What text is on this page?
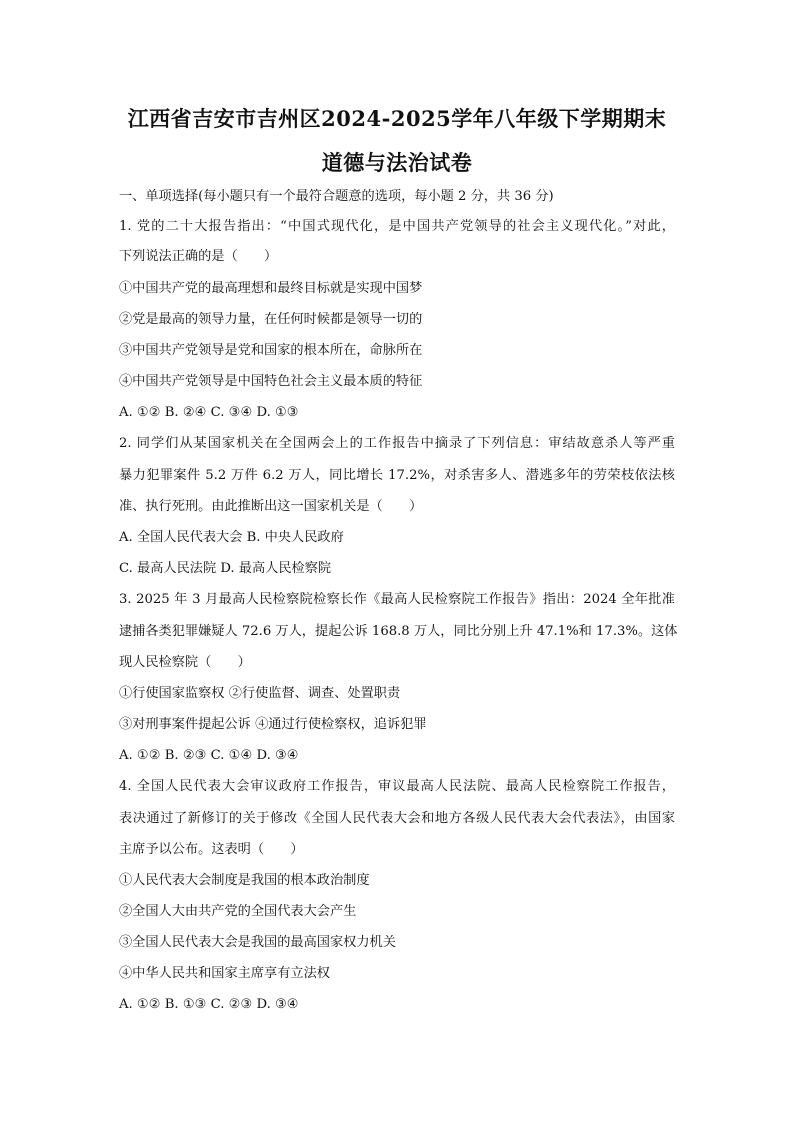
江西省吉安市吉州区2024-2025学年八年级下学期期末
道德与法治试卷
一、单项选择(每小题只有一个最符合题意的选项，每小题 2 分，共 36 分)
1. 党的二十大报告指出：“中国式现代化，是中国共产党领导的社会主义现代化。”对此，
下列说法正确的是（　　）
①中国共产党的最高理想和最终目标就是实现中国梦
②党是最高的领导力量，在任何时候都是领导一切的
③中国共产党领导是党和国家的根本所在，命脉所在
④中国共产党领导是中国特色社会主义最本质的特征
A. ①② B. ②④ C. ③④ D. ①③
2. 同学们从某国家机关在全国两会上的工作报告中摘录了下列信息：审结故意杀人等严重
暴力犯罪案件 5.2 万件 6.2 万人，同比增长 17.2%，对杀害多人、潜逃多年的劳荣枝依法核
准、执行死刑。由此推断出这一国家机关是（　　）
A. 全国人民代表大会 B. 中央人民政府
C. 最高人民法院 D. 最高人民检察院
3. 2025 年 3 月最高人民检察院检察长作《最高人民检察院工作报告》指出：2024 全年批准
逮捕各类犯罪嫌疑人 72.6 万人，提起公诉 168.8 万人，同比分别上升 47.1%和 17.3%。这体
现人民检察院（　　）
①行使国家监察权 ②行使监督、调查、处置职责
③对刑事案件提起公诉 ④通过行使检察权，追诉犯罪
A. ①② B. ②③ C. ①④ D. ③④
4. 全国人民代表大会审议政府工作报告，审议最高人民法院、最高人民检察院工作报告，
表决通过了新修订的关于修改《全国人民代表大会和地方各级人民代表大会代表法》，由国家
主席予以公布。这表明（　　）
①人民代表大会制度是我国的根本政治制度
②全国人大由共产党的全国代表大会产生
③全国人民代表大会是我国的最高国家权力机关
④中华人民共和国家主席享有立法权
A. ①② B. ①③ C. ②③ D. ③④
